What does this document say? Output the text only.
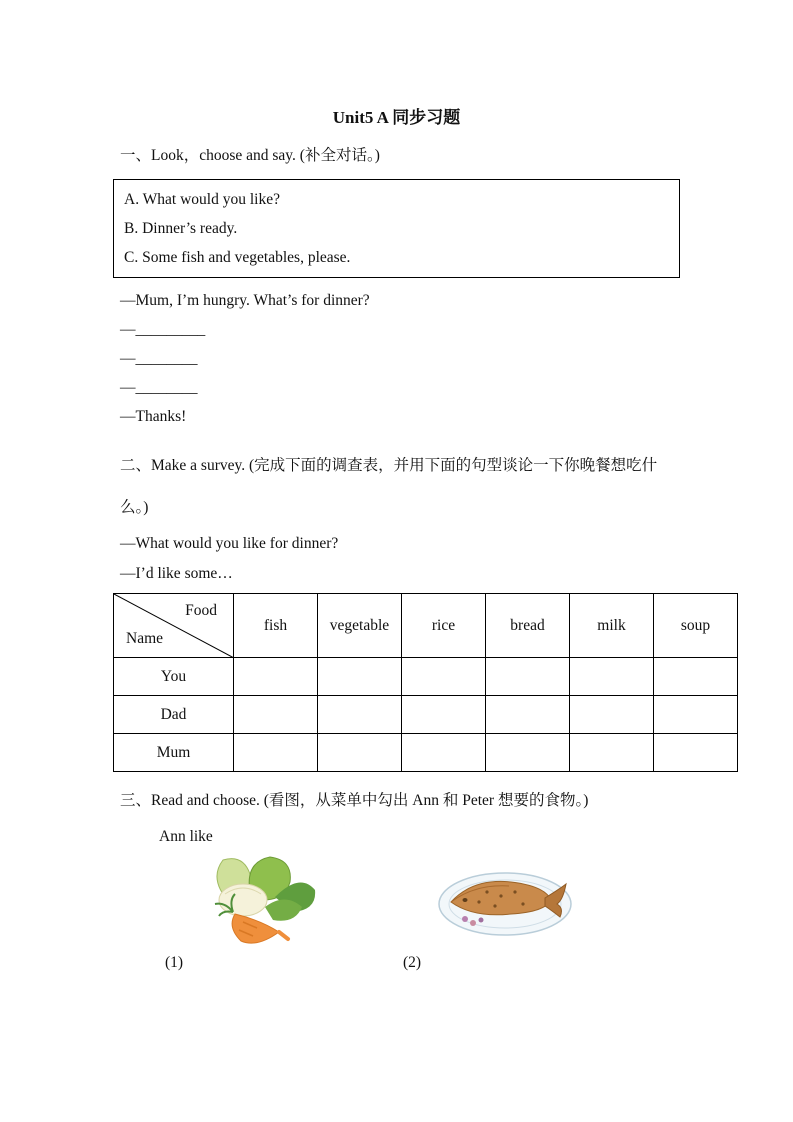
Unit5 A 同步习题
一、Look，choose and say. (补全对话。)
A. What would you like?
B. Dinner’s ready.
C. Some fish and vegetables, please.
—Mum, I’m hungry. What’s for dinner?
—_________
—________
—________
—Thanks!
二、Make a survey. (完成下面的调查表，并用下面的句型谈论一下你晚餐想吃什
么。)
—What would you like for dinner?
—I’d like some…
Food
Name	fish	vegetable	rice	bread	milk	soup
You						
Dad						
Mum						
三、Read and choose. (看图，从菜单中勾出 Ann 和 Peter 想要的食物。)
Ann like
(1)	(2)
